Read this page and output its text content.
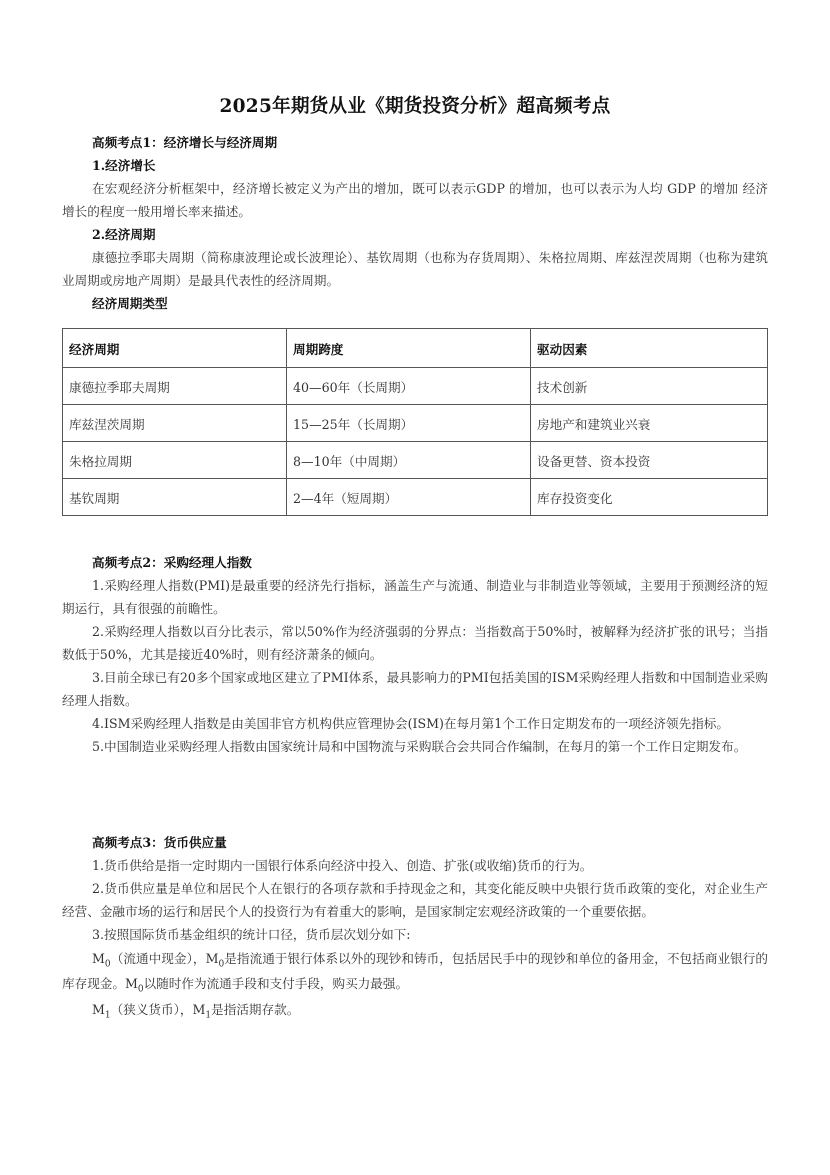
2025年期货从业《期货投资分析》超高频考点
高频考点1：经济增长与经济周期
1.经济增长
在宏观经济分析框架中，经济增长被定义为产出的增加，既可以表示GDP 的增加，也可以表示为人均 GDP 的增加 经济增长的程度一般用增长率来描述。
2.经济周期
康德拉季耶夫周期（简称康波理论或长波理论）、基钦周期（也称为存货周期）、朱格拉周期、库兹涅茨周期（也称为建筑业周期或房地产周期）是最具代表性的经济周期。
经济周期类型
经济周期	周期跨度	驱动因素
康德拉季耶夫周期	40—60年（长周期）	技术创新
库兹涅茨周期	15—25年（长周期）	房地产和建筑业兴衰
朱格拉周期	8—10年（中周期）	设备更替、资本投资
基钦周期	2—4年（短周期）	库存投资变化
高频考点2：采购经理人指数
1.采购经理人指数(PMI)是最重要的经济先行指标，涵盖生产与流通、制造业与非制造业等领域，主要用于预测经济的短期运行，具有很强的前瞻性。
2.采购经理人指数以百分比表示，常以50%作为经济强弱的分界点：当指数高于50%时，被解释为经济扩张的讯号；当指数低于50%，尤其是接近40%时，则有经济萧条的倾向。
3.目前全球已有20多个国家或地区建立了PMI体系，最具影响力的PMI包括美国的ISM采购经理人指数和中国制造业采购经理人指数。
4.ISM采购经理人指数是由美国非官方机构供应管理协会(ISM)在每月第1个工作日定期发布的一项经济领先指标。
5.中国制造业采购经理人指数由国家统计局和中国物流与采购联合会共同合作编制，在每月的第一个工作日定期发布。
高频考点3：货币供应量
1.货币供给是指一定时期内一国银行体系向经济中投入、创造、扩张(或收缩)货币的行为。
2.货币供应量是单位和居民个人在银行的各项存款和手持现金之和，其变化能反映中央银行货币政策的变化，对企业生产经营、金融市场的运行和居民个人的投资行为有着重大的影响，是国家制定宏观经济政策的一个重要依据。
3.按照国际货币基金组织的统计口径，货币层次划分如下:
$M_0$（流通中现金），$M_0$是指流通于银行体系以外的现钞和铸币，包括居民手中的现钞和单位的备用金，不包括商业银行的库存现金。$M_0$以随时作为流通手段和支付手段，购买力最强。
$M_1$（狭义货币），$M_1$是指活期存款。
